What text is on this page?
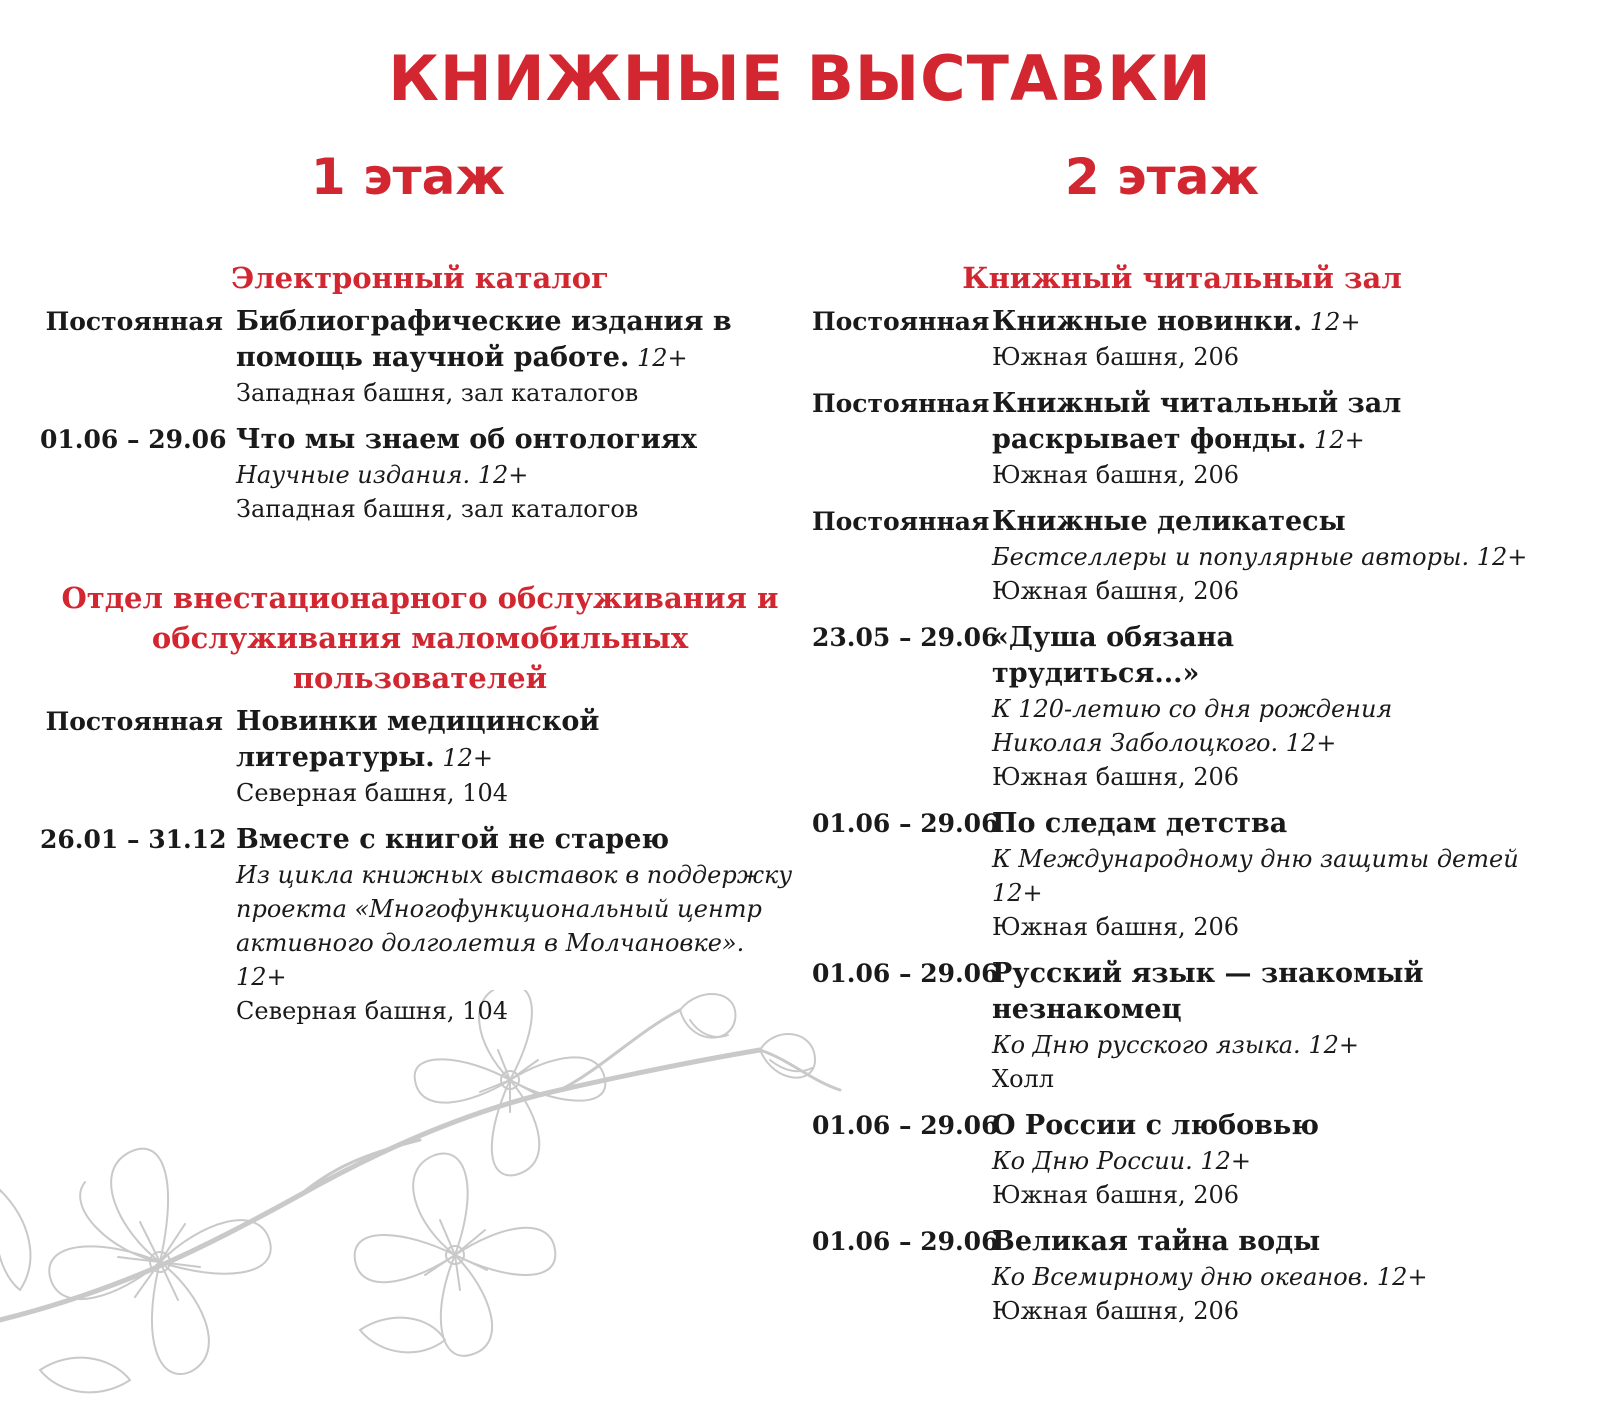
КНИЖНЫЕ ВЫСТАВКИ
1 этаж	2 этаж
Электронный каталог
Постоянная Библиографические издания в помощь научной работе. 12+
Западная башня, зал каталогов
01.06 – 29.06 Что мы знаем об онтологиях
Научные издания. 12+
Западная башня, зал каталогов
Отдел внестационарного обслуживания и обслуживания маломобильных пользователей
Постоянная Новинки медицинской литературы. 12+
Северная башня, 104
26.01 – 31.12 Вместе с книгой не старею
Из цикла книжных выставок в поддержку проекта «Многофункциональный центр активного долголетия в Молчановке». 12+
Северная башня, 104
Книжный читальный зал
Постоянная Книжные новинки. 12+
Южная башня, 206
Постоянная Книжный читальный зал раскрывает фонды. 12+
Южная башня, 206
Постоянная Книжные деликатесы
Бестселлеры и популярные авторы. 12+
Южная башня, 206
23.05 – 29.06
«Душа обязана трудиться...»
К 120-летию со дня рождения Николая Заболоцкого. 12+
Южная башня, 206
01.06 – 29.06
По следам детства
К Международному дню защиты детей 12+
Южная башня, 206
01.06 – 29.06
Русский язык — знакомый незнакомец
Ко Дню русского языка. 12+
Холл
01.06 – 29.06
О России с любовью
Ко Дню России. 12+
Южная башня, 206
01.06 – 29.06
Великая тайна воды
Ко Всемирному дню океанов. 12+
Южная башня, 206
